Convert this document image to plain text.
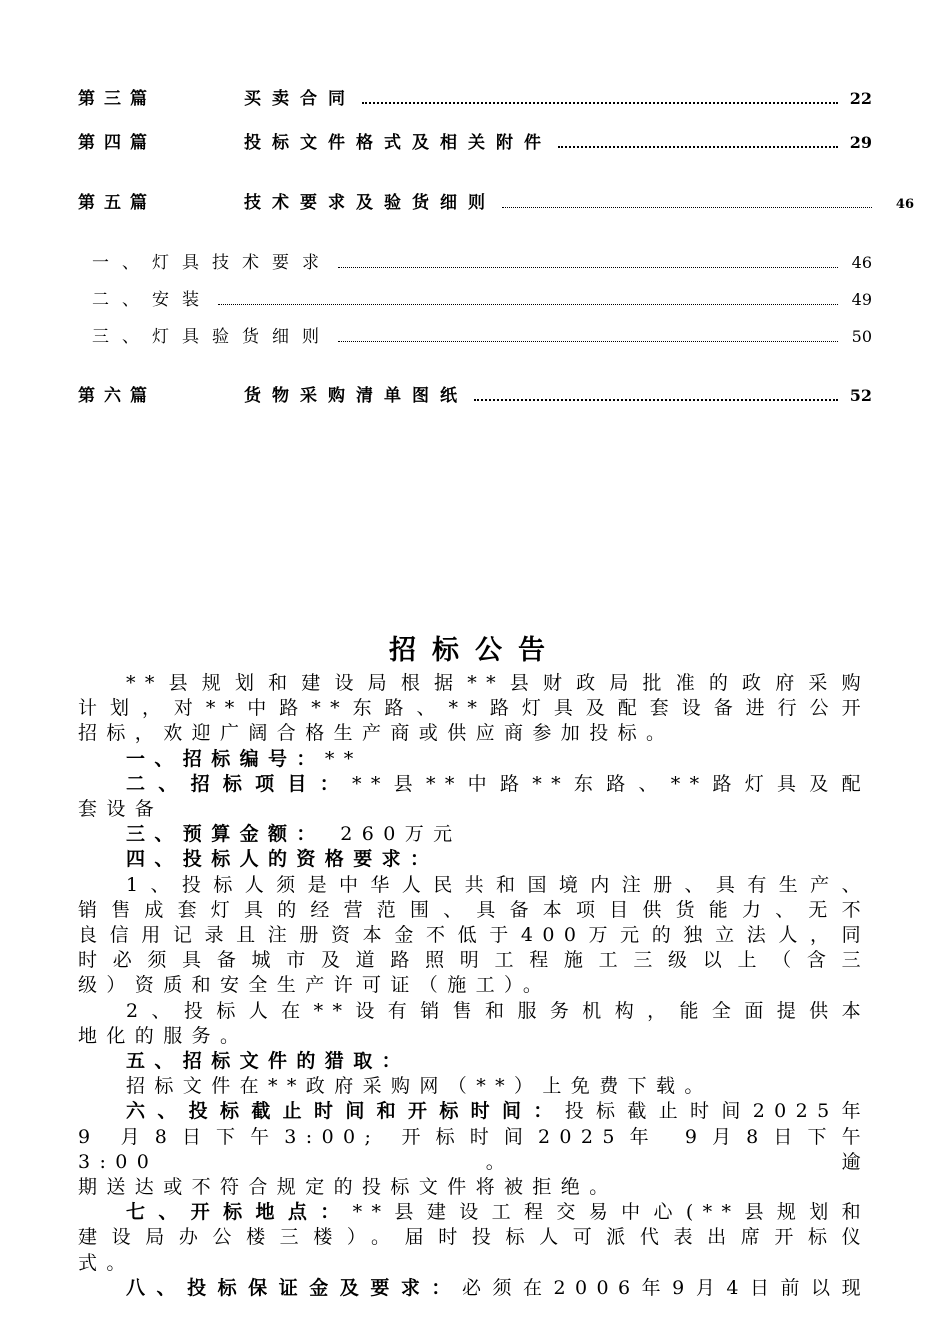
第三篇	买卖合同	22
第四篇	投标文件格式及相关附件	29
第五篇	技术要求及验货细则	46
一、灯具技术要求	46
二、安装	49
三、灯具验货细则	50
第六篇	货物采购清单图纸	52
招标公告

**县规划和建设局根据**县财政局批准的政府采购

计划，对**中路**东路、**路灯具及配套设备进行公开

招标，欢迎广阔合格生产商或供应商参加投标。

一、招标编号：**

二、招标项目：**县**中路**东路、**路灯具及配

套设备

三、预算金额： 260万元

四、投标人的资格要求：

1、投标人须是中华人民共和国境内注册、具有生产、

销售成套灯具的经营范围、具备本项目供货能力、无不

良信用记录且注册资本金不低于400万元的独立法人，同

时必须具备城市及道路照明工程施工三级以上（含三

级）资质和安全生产许可证（施工）。

2、投标人在**设有销售和服务机构，能全面提供本

地化的服务。

五、招标文件的猎取：

招标文件在**政府采购网（**）上免费下载。

六、投标截止时间和开标时间：投标截止时间2025年

9 月8日下午3:00; 开标时间2025年 9月8日下午3:00。逾

期送达或不符合规定的投标文件将被拒绝。

七、开标地点：**县建设工程交易中心(**县规划和

建设局办公楼三楼）。届时投标人可派代表出席开标仪

式。

八、投标保证金及要求：必须在2006年9月4日前以现
